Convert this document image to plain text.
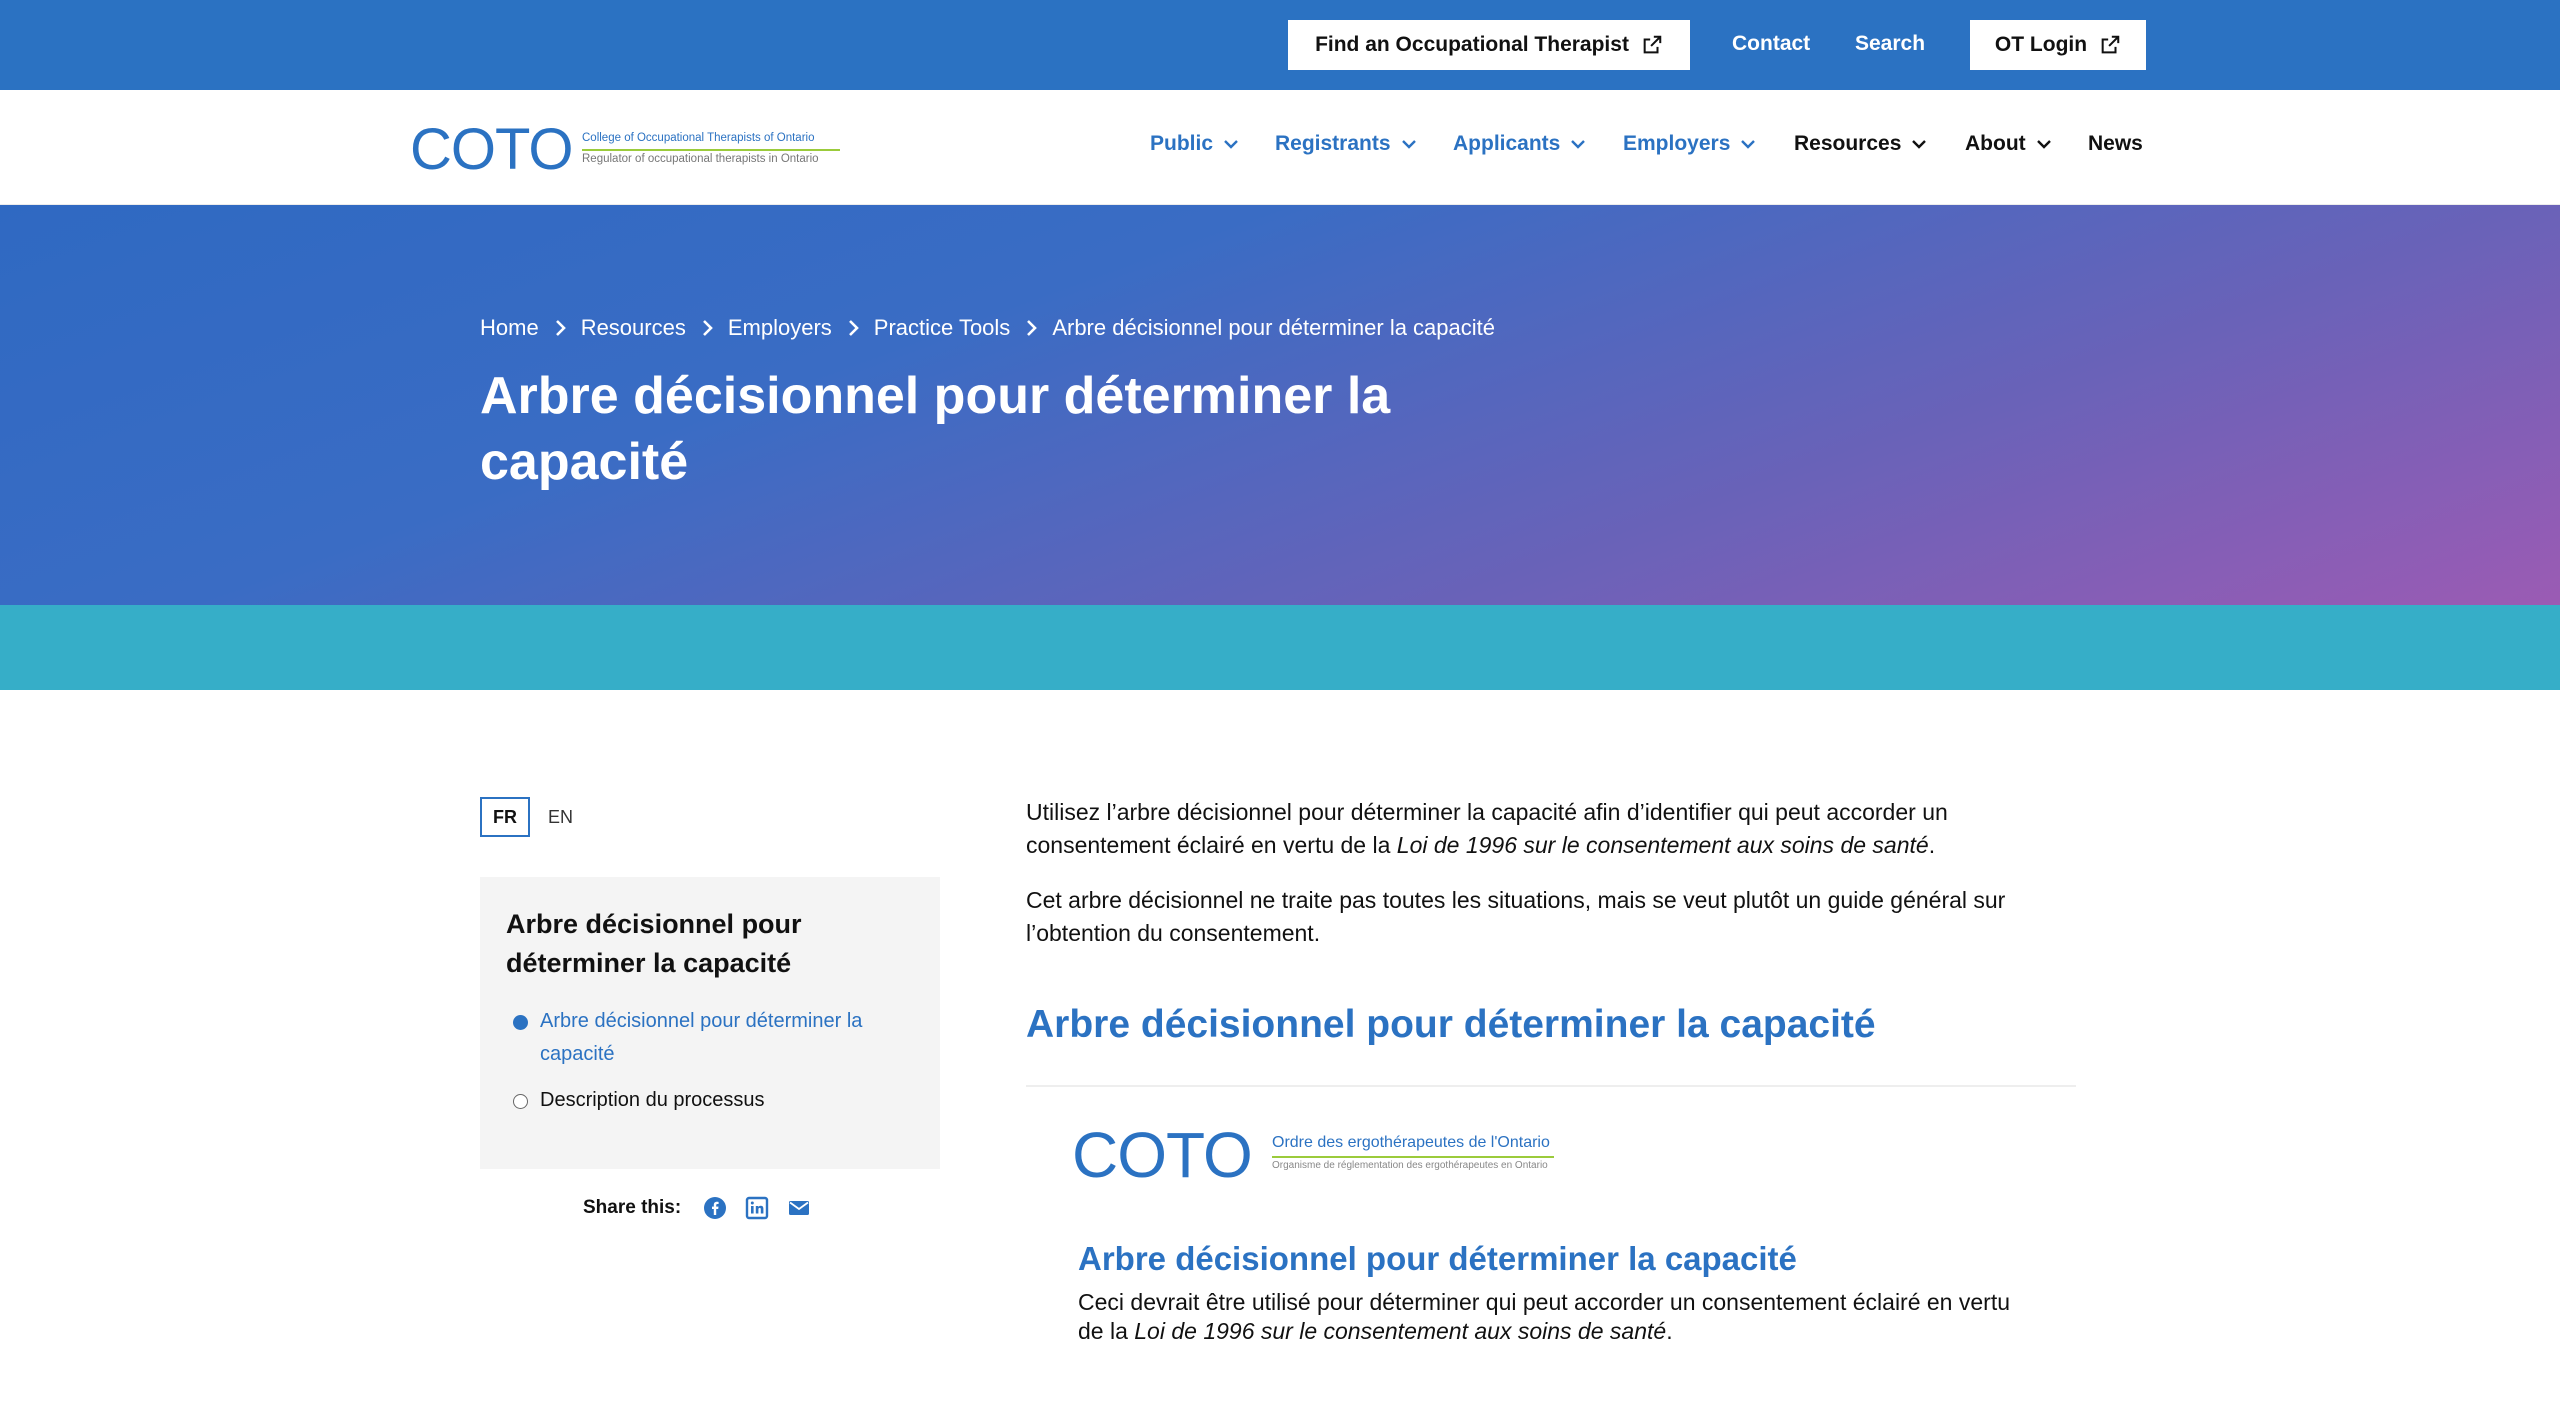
Find an Occupational Therapist	Contact Search	OT Login
COTO College of Occupational Therapists of Ontario
Regulator of occupational therapists in Ontario
Public	Registrants	Applicants	Employers	Resources	About	News
Home Resources Employers Practice Tools Arbre décisionnel pour déterminer la capacité
Arbre décisionnel pour déterminer la capacité
FR	EN
Arbre décisionnel pour déterminer la capacité
Arbre décisionnel pour déterminer la capacité
Description du processus
Share this:

Utilisez l’arbre décisionnel pour déterminer la capacité afin d’identifier qui peut accorder un consentement éclairé en vertu de la Loi de 1996 sur le consentement aux soins de santé.

Cet arbre décisionnel ne traite pas toutes les situations, mais se veut plutôt un guide général sur l’obtention du consentement.

Arbre décisionnel pour déterminer la capacité
COTO Ordre des ergothérapeutes de l'Ontario
Organisme de réglementation des ergothérapeutes en Ontario
Arbre décisionnel pour déterminer la capacité
Ceci devrait être utilisé pour déterminer qui peut accorder un consentement éclairé en vertu de la Loi de 1996 sur le consentement aux soins de santé.
